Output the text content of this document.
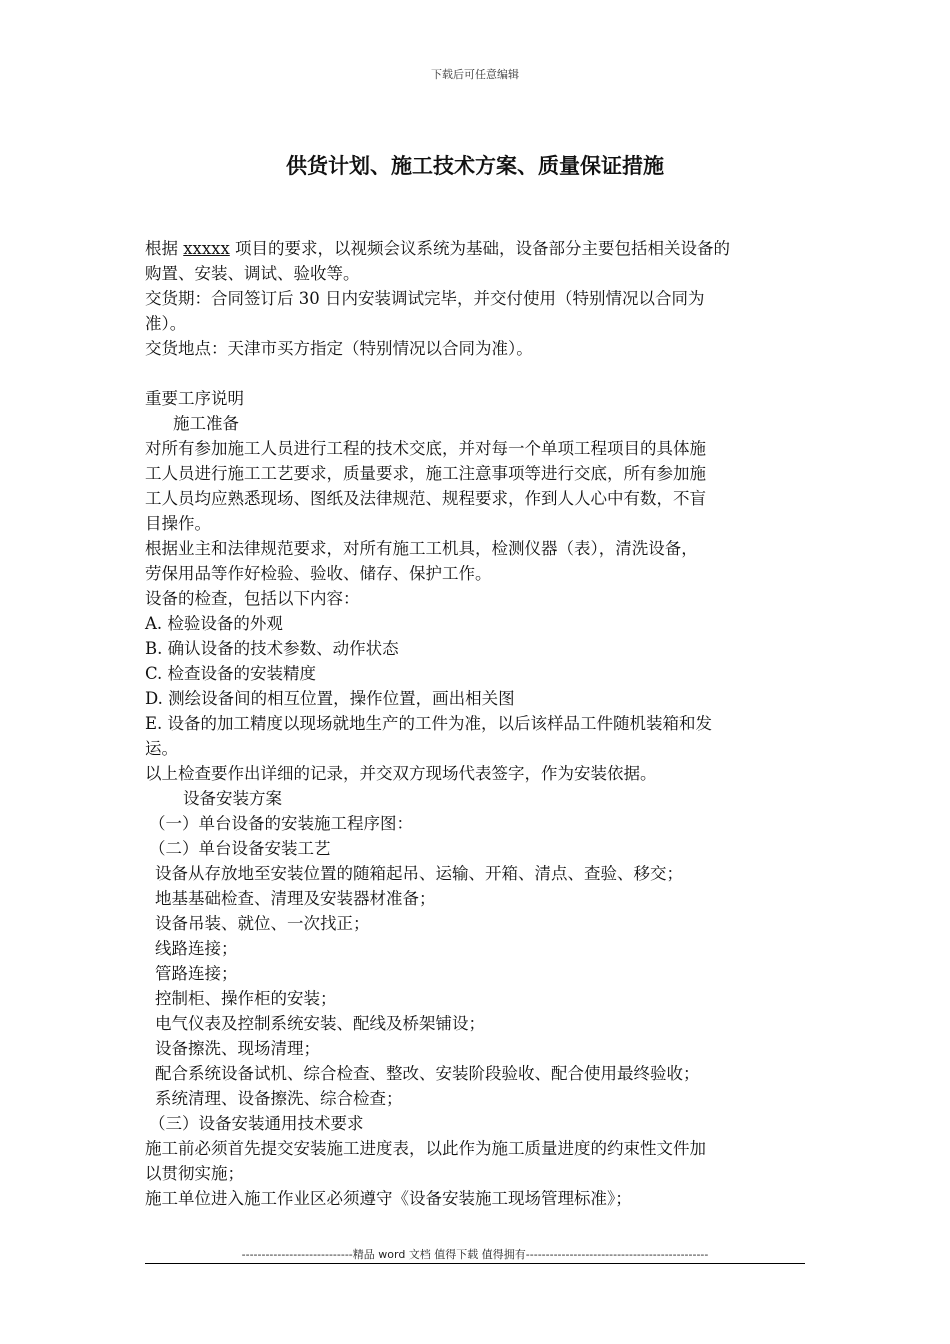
下载后可任意编辑
供货计划、施工技术方案、质量保证措施
根据 xxxxx 项目的要求，以视频会议系统为基础，设备部分主要包括相关设备的
购置、安装、调试、验收等。
交货期：合同签订后 30 日内安装调试完毕，并交付使用（特别情况以合同为
准）。
交货地点：天津市买方指定（特别情况以合同为准）。
重要工序说明
施工准备
对所有参加施工人员进行工程的技术交底，并对每一个单项工程项目的具体施
工人员进行施工工艺要求，质量要求，施工注意事项等进行交底，所有参加施
工人员均应熟悉现场、图纸及法律规范、规程要求，作到人人心中有数，不盲
目操作。
根据业主和法律规范要求，对所有施工工机具，检测仪器（表），清洗设备，
劳保用品等作好检验、验收、储存、保护工作。
设备的检查，包括以下内容：
A. 检验设备的外观
B. 确认设备的技术参数、动作状态
C. 检查设备的安装精度
D. 测绘设备间的相互位置，操作位置，画出相关图
E. 设备的加工精度以现场就地生产的工件为准，以后该样品工件随机装箱和发
运。
以上检查要作出详细的记录，并交双方现场代表签字，作为安装依据。
设备安装方案
（一）单台设备的安装施工程序图：
（二）单台设备安装工艺
设备从存放地至安装位置的随箱起吊、运输、开箱、清点、查验、移交；
地基基础检查、清理及安装器材准备；
设备吊装、就位、一次找正；
线路连接；
管路连接；
控制柜、操作柜的安装；
电气仪表及控制系统安装、配线及桥架铺设；
设备擦洗、现场清理；
配合系统设备试机、综合检查、整改、安装阶段验收、配合使用最终验收；
系统清理、设备擦洗、综合检查；
（三）设备安装通用技术要求
施工前必须首先提交安装施工进度表，以此作为施工质量进度的约束性文件加
以贯彻实施；
施工单位进入施工作业区必须遵守《设备安装施工现场管理标准》；
----------------------------精品 word 文档 值得下载 值得拥有----------------------------------------------
